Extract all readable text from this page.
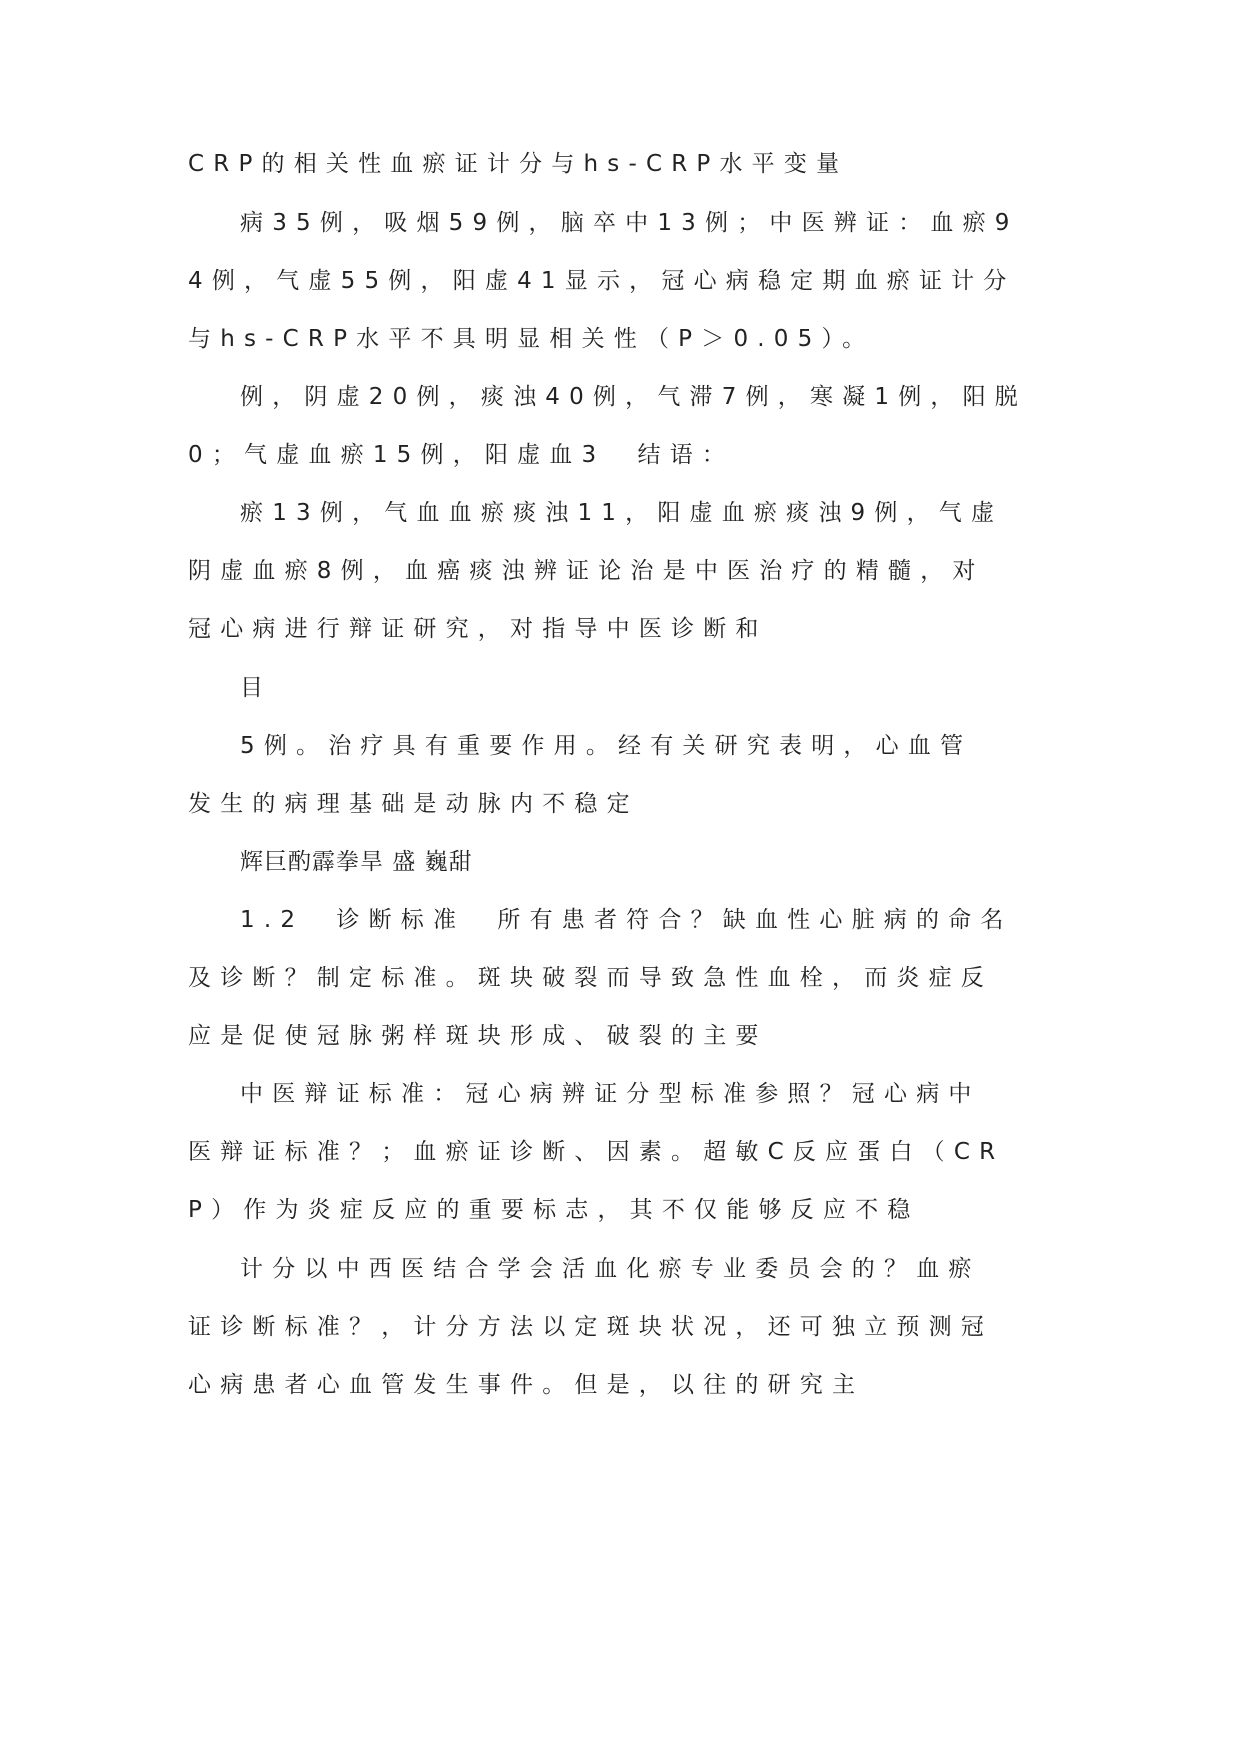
CRP的相关性血瘀证计分与hs-CRP水平变量
病35例，吸烟59例，脑卒中13例；中医辨证：血瘀9
4例，气虚55例，阳虚41显示，冠心病稳定期血瘀证计分
与hs-CRP水平不具明显相关性（P＞0.05）。
例，阴虚20例，痰浊40例，气滞7例，寒凝1例，阳脱
0；气虚血瘀15例，阳虚血3　结语：
瘀13例，气血血瘀痰浊11，阳虚血瘀痰浊9例，气虚
阴虚血瘀8例，血癌痰浊辨证论治是中医治疗的精髓，对
冠心病进行辩证研究，对指导中医诊断和
目
5例。治疗具有重要作用。经有关研究表明，心血管
发生的病理基础是动脉内不稳定
辉巨酌霹拳旱 盛 巍甜
1.2　诊断标准　所有患者符合？缺血性心脏病的命名
及诊断？制定标准。斑块破裂而导致急性血栓，而炎症反
应是促使冠脉粥样斑块形成、破裂的主要
中医辩证标准：冠心病辨证分型标准参照？冠心病中
医辩证标准？；血瘀证诊断、因素。超敏C反应蛋白（CR
P）作为炎症反应的重要标志，其不仅能够反应不稳
计分以中西医结合学会活血化瘀专业委员会的？血瘀
证诊断标准？，计分方法以定斑块状况，还可独立预测冠
心病患者心血管发生事件。但是，以往的研究主
